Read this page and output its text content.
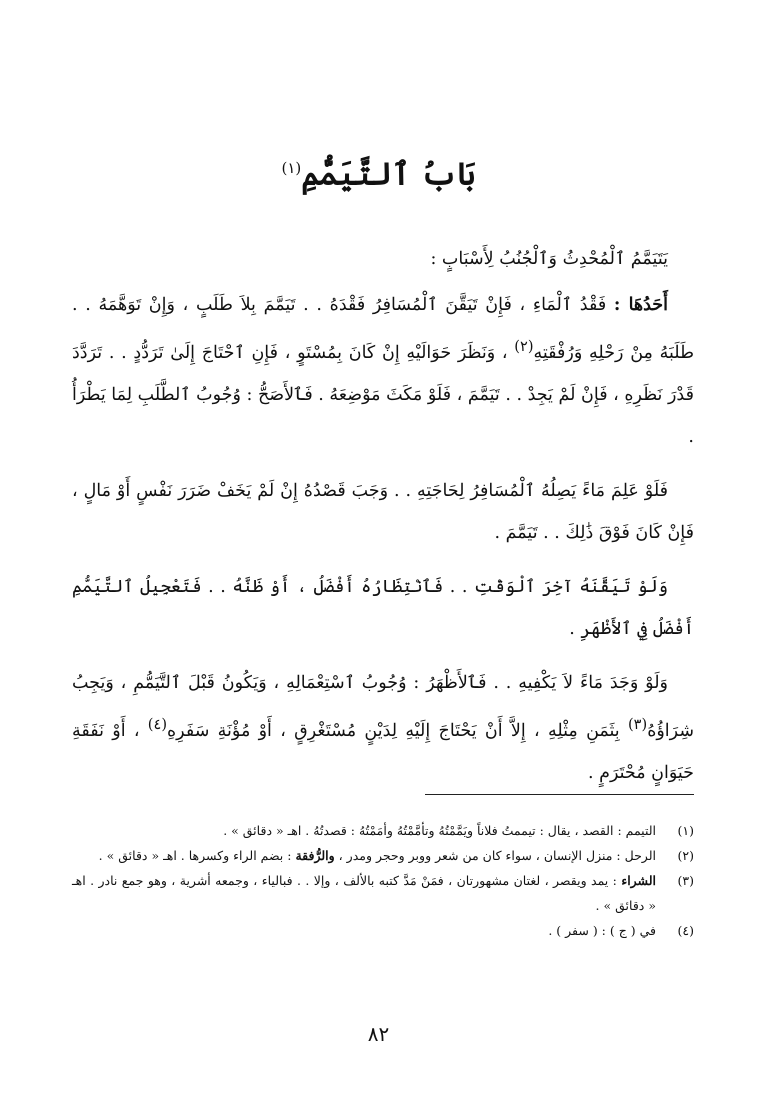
بَابُ ٱلتَّيَمُّمِ$^{(١)}$

يَتَيَمَّمُ ٱلْمُحْدِثُ وَٱلْجُنُبُ لِأَسْبَابٍ :

أَحَدُهَا : فَقْدُ ٱلْمَاءِ ، فَإِنْ تَيَقَّنَ ٱلْمُسَافِرُ فَقْدَهُ . . تَيَمَّمَ بِلاَ طَلَبٍ ، وَإِنْ تَوَهَّمَهُ . . طَلَبَهُ مِنْ رَحْلِهِ وَرُفْقَتِهِ$^{(٢)}$ ، وَنَظَرَ حَوَالَيْهِ إِنْ كَانَ بِمُسْتَوٍ ، فَإِنِ ٱحْتَاجَ إِلَىٰ تَرَدُّدٍ . . تَرَدَّدَ قَدْرَ نَظَرِهِ ، فَإِنْ لَمْ يَجِدْ . . تَيَمَّمَ ، فَلَوْ مَكَثَ مَوْضِعَهُ . فَٱلأَصَحُّ : وُجُوبُ ٱلطَّلَبِ لِمَا يَطْرَأُ .

فَلَوْ عَلِمَ مَاءً يَصِلُهُ ٱلْمُسَافِرُ لِحَاجَتِهِ . . وَجَبَ قَصْدُهُ إِنْ لَمْ يَخَفْ ضَرَرَ نَفْسٍ أَوْ مَالٍ ، فَإِنْ كَانَ فَوْقَ ذَٰلِكَ . . تَيَمَّمَ .

وَلَوْ تَيَقَّنَهُ آخِرَ ٱلْوَقْتِ . . فَٱنْتِظَارُهُ أَفْضَلُ ، أَوْ ظَنَّهُ . . فَتَعْجِيلُ ٱلتَّيَمُّمِ أَفْضَلُ فِي ٱلأَظْهَرِ .

وَلَوْ وَجَدَ مَاءً لاَ يَكْفِيهِ . . فَٱلأَظْهَرُ : وُجُوبُ ٱسْتِعْمَالِهِ ، وَيَكُونُ قَبْلَ ٱلتَّيَمُّمِ ، وَيَجِبُ شِرَاؤُهُ$^{(٣)}$ بِثَمَنِ مِثْلِهِ ، إِلاَّ أَنْ يَحْتَاجَ إِلَيْهِ لِدَيْنٍ مُسْتَغْرِقٍ ، أَوْ مُؤْنَةِ سَفَرِهِ$^{(٤)}$ ، أَوْ نَفَقَةِ حَيَوَانٍ مُحْتَرَمٍ .

(١)
التيمم : القصد ، يقال : تيممتُ فلاناً ويَمَّمْتُهُ وتأمَّمْتُهُ وأمَمْتُهُ : قصدتُهُ . اهـ « دقائق » .
(٢)
الرحل : منزل الإنسان ، سواء كان من شعر ووبر وحجر ومدر ، والرُّفقة : بضم الراء وكسرها . اهـ « دقائق » .
(٣)
الشراء : يمد ويقصر ، لغتان مشهورتان ، فمَنْ مَدَّ كتبه بالألف ، وإلا . . فبالياء ، وجمعه أشرية ، وهو جمع نادر . اهـ « دقائق » .
(٤)
في ( ج ) : ( سفر ) .
٨٢
